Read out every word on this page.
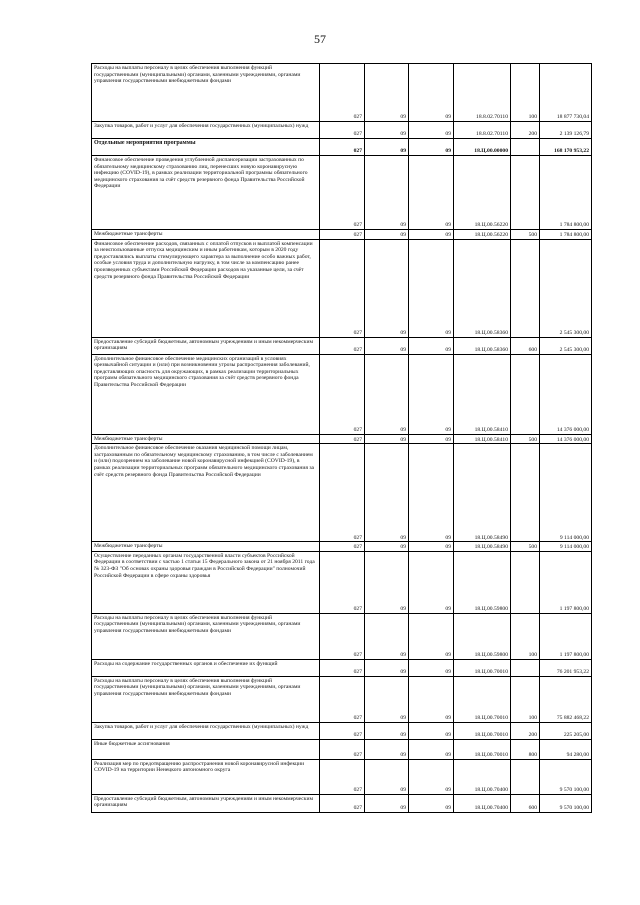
57
Расходы на выплаты персоналу в целях обеспечения выполнения функций государственными (муниципальными) органами, казенными учреждениями, органами управления государственными внебюджетными фондами	027	09	09	18.8.02.70110	100	18 877 730,04
Закупка товаров, работ и услуг для обеспечения государственных (муниципальных) нужд	027	09	09	18.8.02.70110	200	2 139 126,79
Отдельные мероприятия программы	027	09	09	18.Ц.00.00000		168 170 953,22
Финансовое обеспечение проведения углубленной диспансеризации застрахованных по обязательному медицинскому страхованию лиц, перенесших новую коронавирусную инфекцию (COVID-19), в рамках реализации территориальной программы обязательного медицинского страхования за счёт средств резервного фонда Правительства Российской Федерации	027	09	09	18.Ц.00.56220		1 784 800,00
Межбюджетные трансферты	027	09	09	18.Ц.00.56220	500	1 784 800,00
Финансовое обеспечение расходов, связанных с оплатой отпусков и выплатой компенсации за неиспользованные отпуска медицинским и иным работникам, которым в 2020 году предоставлялись выплаты стимулирующего характера за выполнение особо важных работ, особые условия труда и дополнительную нагрузку, в том числе за компенсацию ранее произведенных субъектами Российской Федерации расходов на указанные цели, за счёт средств резервного фонда Правительства Российской Федерации	027	09	09	18.Ц.00.58360		2 545 300,00
Предоставление субсидий бюджетным, автономным учреждениям и иным некоммерческим организациям	027	09	09	18.Ц.00.58360	600	2 545 300,00
Дополнительное финансовое обеспечение медицинских организаций в условиях чрезвычайной ситуации и (или) при возникновении угрозы распространения заболеваний, представляющих опасность для окружающих, в рамках реализации территориальных программ обязательного медицинского страхования за счёт средств резервного фонда Правительства Российской Федерации	027	09	09	18.Ц.00.58410		14 376 000,00
Межбюджетные трансферты	027	09	09	18.Ц.00.58410	500	14 376 000,00
Дополнительное финансовое обеспечение оказания медицинской помощи лицам, застрахованным по обязательному медицинскому страхованию, в том числе с заболеванием и (или) подозрением на заболевание новой коронавирусной инфекцией (COVID-19), в рамках реализации территориальных программ обязательного медицинского страхования за счёт средств резервного фонда Правительства Российской Федерации	027	09	09	18.Ц.00.58490		9 114 000,00
Межбюджетные трансферты	027	09	09	18.Ц.00.58490	500	9 114 000,00
Осуществление переданных органам государственной власти субъектов Российской Федерации в соответствии с частью 1 статьи 15 Федерального закона от 21 ноября 2011 года № 323-ФЗ "Об основах охраны здоровья граждан в Российской Федерации" полномочий Российской Федерации в сфере охраны здоровья	027	09	09	18.Ц.00.59800		1 197 800,00
Расходы на выплаты персоналу в целях обеспечения выполнения функций государственными (муниципальными) органами, казенными учреждениями, органами управления государственными внебюджетными фондами	027	09	09	18.Ц.00.59800	100	1 197 800,00
Расходы на содержание государственных органов и обеспечение их функций	027	09	09	18.Ц.00.70010		76 201 953,22
Расходы на выплаты персоналу в целях обеспечения выполнения функций государственными (муниципальными) органами, казенными учреждениями, органами управления государственными внебюджетными фондами	027	09	09	18.Ц.00.70010	100	75 882 468,22
Закупка товаров, работ и услуг для обеспечения государственных (муниципальных) нужд	027	09	09	18.Ц.00.70010	200	225 205,00
Иные бюджетные ассигнования	027	09	09	18.Ц.00.70010	800	94 280,00
Реализация мер по предотвращению распространения новой коронавирусной инфекции COVID-19 на территории Ненецкого автономного округа	027	09	09	18.Ц.00.70400		9 570 100,00
Предоставление субсидий бюджетным, автономным учреждениям и иным некоммерческим организациям	027	09	09	18.Ц.00.70400	600	9 570 100,00
